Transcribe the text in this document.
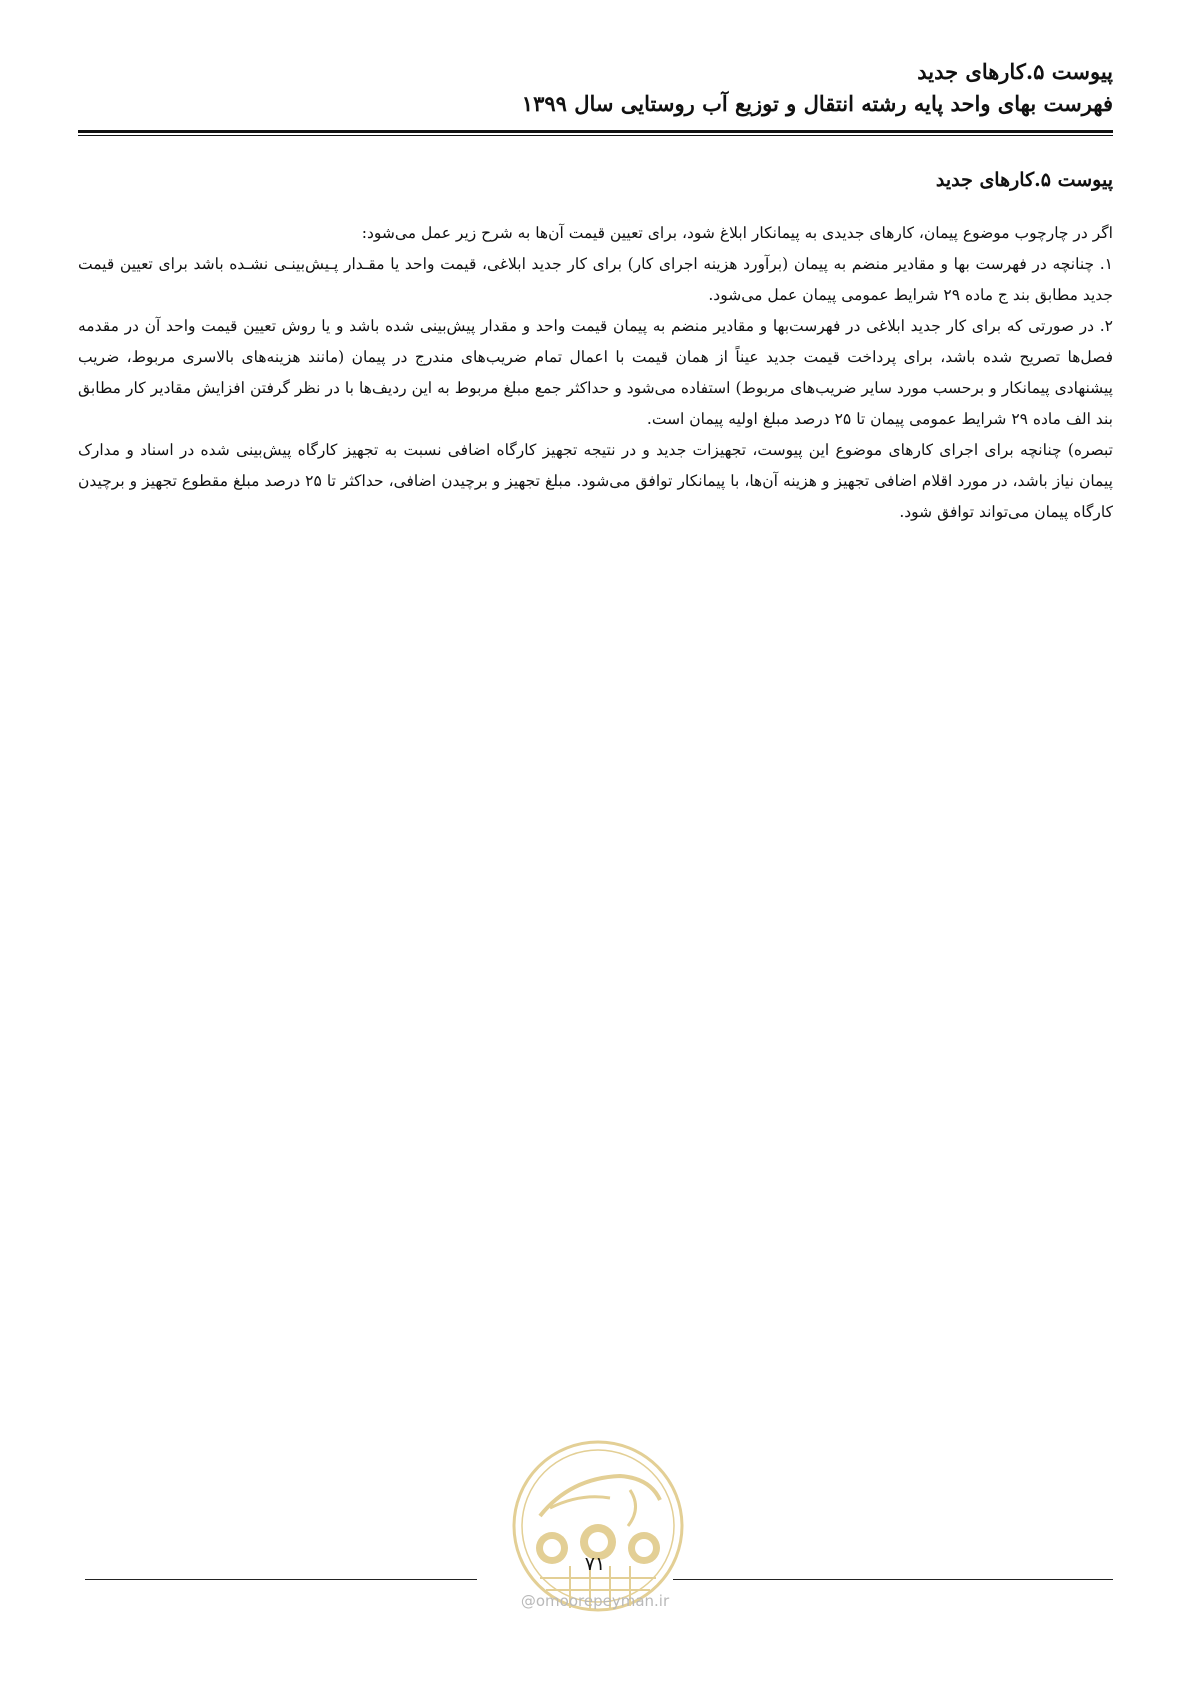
پیوست ۵.کارهای جدید
فهرست بهای واحد پایه رشته انتقال و توزیع آب روستایی سال ۱۳۹۹
پیوست ۵.کارهای جدید

اگر در چارچوب موضوع پیمان، کارهای جدیدی به پیمانکار ابلاغ شود، برای تعیین قیمت آن‌ها به شرح زیر عمل می‌شود:

۱. چنانچه در فهرست بها و مقادیر منضم به پیمان (برآورد هزینه اجرای کار) برای کار جدید ابلاغی، قیمت واحد یا مقـدار پـیش‌بینـی نشـده باشد برای تعیین قیمت جدید مطابق بند ج ماده ۲۹ شرایط عمومی پیمان عمل می‌شود.

۲. در صورتی که برای کار جدید ابلاغی در فهرست‌بها و مقادیر منضم به پیمان قیمت واحد و مقدار پیش‌بینی شده باشد و یا روش تعیین قیمت واحد آن در مقدمه فصل‌ها تصریح شده باشد، برای پرداخت قیمت جدید عیناً از همان قیمت با اعمال تمام ضریب‌های مندرج در پیمان (مانند هزینه‌های بالاسری مربوط، ضریب پیشنهادی پیمانکار و برحسب مورد سایر ضریب‌های مربوط) استفاده می‌شود و حداکثر جمع مبلغ مربوط به این ردیف‌ها با در نظر گرفتن افزایش مقادیر کار مطابق بند الف ماده ۲۹ شرایط عمومی پیمان تا ۲۵ درصد مبلغ اولیه پیمان است.

تبصره) چنانچه برای اجرای کارهای موضوع این پیوست، تجهیزات جدید و در نتیجه تجهیز کارگاه اضافی نسبت به تجهیز کارگاه پیش‌بینی شده در اسناد و مدارک پیمان نیاز باشد، در مورد اقلام اضافی تجهیز و هزینه آن‌ها، با پیمانکار توافق می‌شود. مبلغ تجهیز و برچیدن اضافی، حداکثر تا ۲۵ درصد مبلغ مقطوع تجهیز و برچیدن کارگاه پیمان می‌تواند توافق شود.

۷۱
@omoorepeyman.ir
